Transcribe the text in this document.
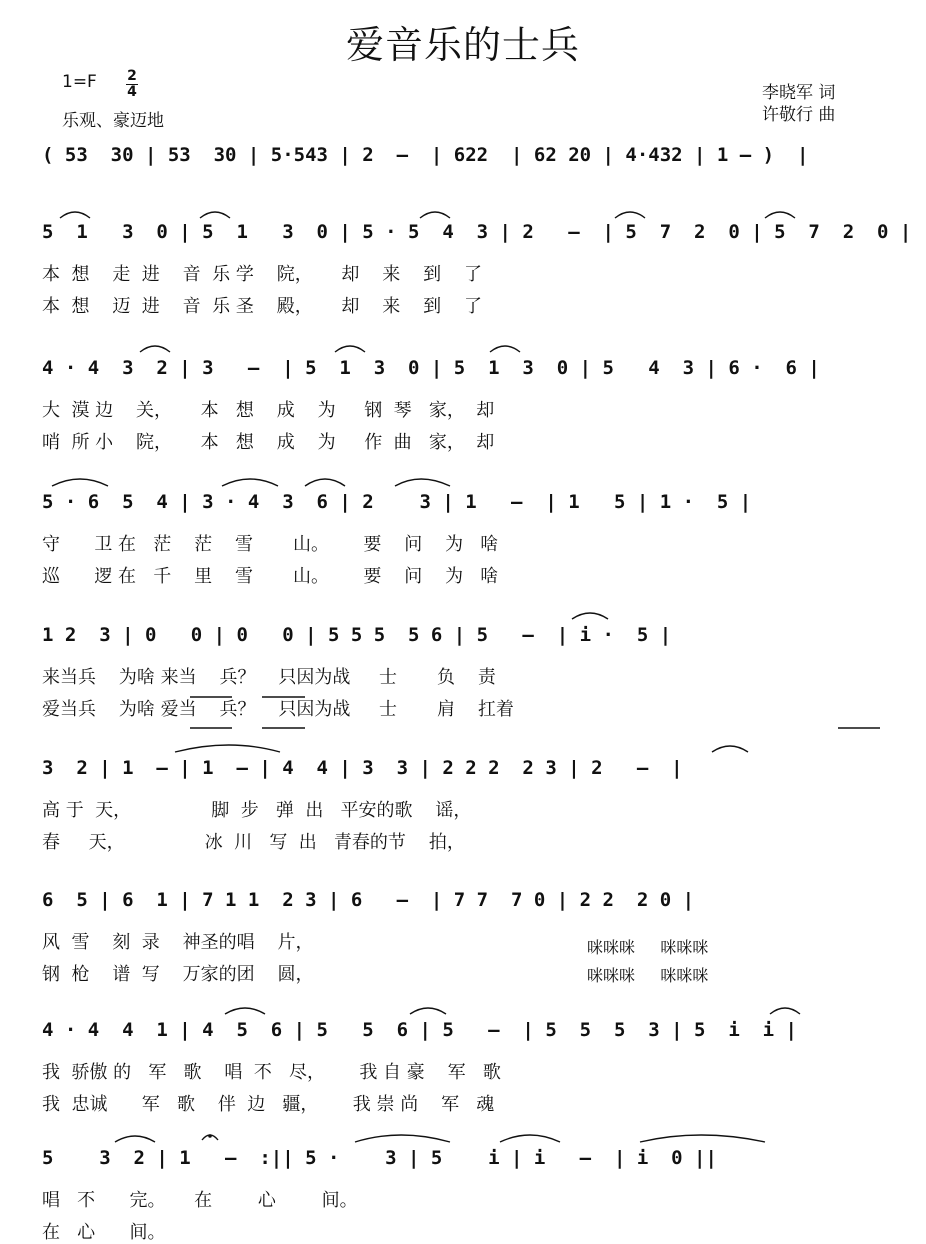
爱音乐的士兵
1=F 2
4
乐观、豪迈地
李晓军 词
许敬行 曲
( 53  30 | 53  30 | 5·543 | 2  –  | 622  | 62 20 | 4·432 | 1 – )  |
5  1   3  0 | 5  1   3  0 | 5 · 5  4  3 | 2   –  | 5  7  2  0 | 5  7  2  0 |
本  想    走  进    音  乐 学    院，     却    来    到    了
本  想    迈  进    音  乐 圣    殿，     却    来    到    了
4 · 4  3  2 | 3   –  | 5  1  3  0 | 5  1  3  0 | 5   4  3 | 6 ·  6 |
大  漠 边    关，     本   想    成    为     钢  琴   家，  却
哨  所 小    院，     本   想    成    为     作  曲   家，  却
5 · 6  5  4 | 3 · 4  3  6 | 2    3 | 1   –  | 1   5 | 1 ·  5 |
守      卫 在   茫    茫    雪       山。      要    问    为   啥
巡      逻 在   千    里    雪       山。      要    问    为   啥
1 2  3 | 0   0 | 0   0 | 5 5 5  5 6 | 5   –  | i ·  5 |
来当兵    为啥 来当    兵？    只因为战     士       负    责
爱当兵    为啥 爱当    兵？    只因为战     士       肩    扛着
3  2 | 1  – | 1  – | 4  4 | 3  3 | 2 2 2  2 3 | 2   –  |
高 于  天，              脚  步   弹  出   平安的歌    谣，
春     天，              冰  川   写  出   青春的节    拍，
6  5 | 6  1 | 7 1 1  2 3 | 6   –  | 7 7  7 0 | 2 2  2 0 |
风  雪    刻  录    神圣的唱    片，
钢  枪    谱  写    万家的团    圆，
咪咪咪     咪咪咪
咪咪咪     咪咪咪
4 · 4  4  1 | 4  5  6 | 5   5  6 | 5   –  | 5  5  5  3 | 5  i  i |
我  骄傲 的   军   歌    唱  不   尽，      我 自 豪    军   歌
我  忠诚      军   歌    伴  边   疆，      我 崇 尚    军   魂
5    3  2 | 1   –  :|| 5 ·    3 | 5    i | i   –  | i  0 ||
唱   不      完。     在        心        间。
在   心      间。
